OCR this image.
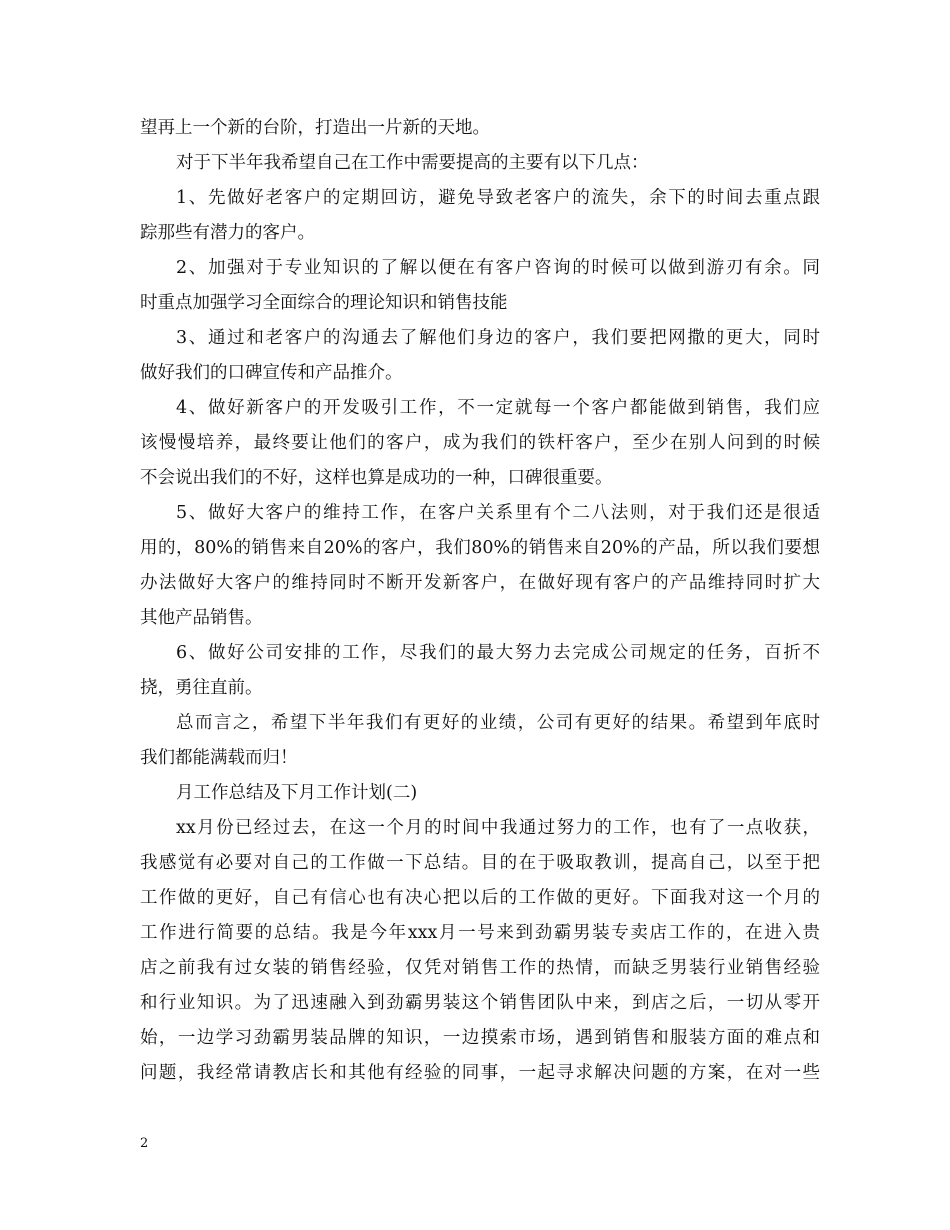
望再上一个新的台阶，打造出一片新的天地。
对于下半年我希望自己在工作中需要提高的主要有以下几点：
1、先做好老客户的定期回访，避免导致老客户的流失，余下的时间去重点跟
踪那些有潜力的客户。
2、加强对于专业知识的了解以便在有客户咨询的时候可以做到游刃有余。同
时重点加强学习全面综合的理论知识和销售技能
3、通过和老客户的沟通去了解他们身边的客户，我们要把网撒的更大，同时
做好我们的口碑宣传和产品推介。
4、做好新客户的开发吸引工作，不一定就每一个客户都能做到销售，我们应
该慢慢培养，最终要让他们的客户，成为我们的铁杆客户，至少在别人问到的时候
不会说出我们的不好，这样也算是成功的一种，口碑很重要。
5、做好大客户的维持工作，在客户关系里有个二八法则，对于我们还是很适
用的，80%的销售来自20%的客户，我们80%的销售来自20%的产品，所以我们要想
办法做好大客户的维持同时不断开发新客户，在做好现有客户的产品维持同时扩大
其他产品销售。
6、做好公司安排的工作，尽我们的最大努力去完成公司规定的任务，百折不
挠，勇往直前。
总而言之，希望下半年我们有更好的业绩，公司有更好的结果。希望到年底时
我们都能满载而归！
月工作总结及下月工作计划(二)
xx月份已经过去，在这一个月的时间中我通过努力的工作，也有了一点收获，
我感觉有必要对自己的工作做一下总结。目的在于吸取教训，提高自己，以至于把
工作做的更好，自己有信心也有决心把以后的工作做的更好。下面我对这一个月的
工作进行简要的总结。我是今年xxx月一号来到劲霸男装专卖店工作的，在进入贵
店之前我有过女装的销售经验，仅凭对销售工作的热情，而缺乏男装行业销售经验
和行业知识。为了迅速融入到劲霸男装这个销售团队中来，到店之后，一切从零开
始，一边学习劲霸男装品牌的知识，一边摸索市场，遇到销售和服装方面的难点和
问题，我经常请教店长和其他有经验的同事，一起寻求解决问题的方案，在对一些
2
